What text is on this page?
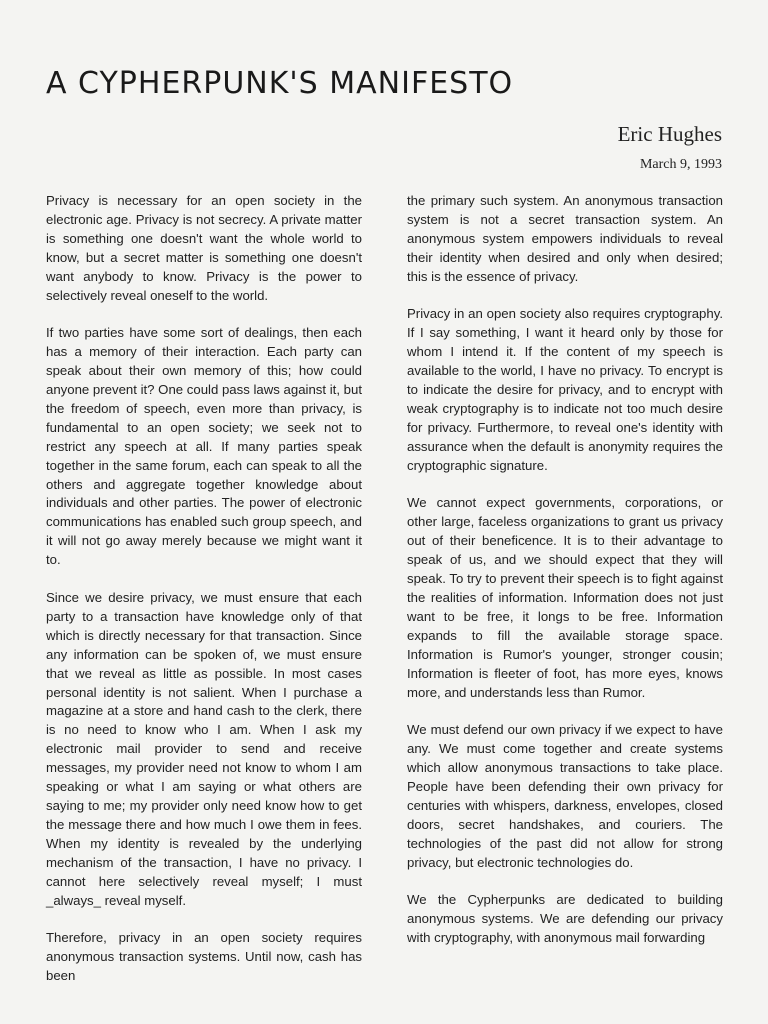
A CYPHERPUNK'S MANIFESTO
Eric Hughes
March 9, 1993

Privacy is necessary for an open society in the electronic age. Privacy is not secrecy. A private matter is something one doesn't want the whole world to know, but a secret matter is something one doesn't want anybody to know. Privacy is the power to selectively reveal oneself to the world.

If two parties have some sort of dealings, then each has a memory of their interaction. Each party can speak about their own memory of this; how could anyone prevent it? One could pass laws against it, but the freedom of speech, even more than privacy, is fundamental to an open society; we seek not to restrict any speech at all. If many parties speak together in the same forum, each can speak to all the others and aggregate together knowledge about individuals and other parties. The power of electronic communications has enabled such group speech, and it will not go away merely because we might want it to.

Since we desire privacy, we must ensure that each party to a transaction have knowledge only of that which is directly necessary for that transaction. Since any information can be spoken of, we must ensure that we reveal as little as possible. In most cases personal identity is not salient. When I purchase a magazine at a store and hand cash to the clerk, there is no need to know who I am. When I ask my electronic mail provider to send and receive messages, my provider need not know to whom I am speaking or what I am saying or what others are saying to me; my provider only need know how to get the message there and how much I owe them in fees. When my identity is revealed by the underlying mechanism of the transaction, I have no privacy. I cannot here selectively reveal myself; I must _always_ reveal myself.

Therefore, privacy in an open society requires anonymous transaction systems. Until now, cash has been

the primary such system. An anonymous transaction system is not a secret transaction system. An anonymous system empowers individuals to reveal their identity when desired and only when desired; this is the essence of privacy.

Privacy in an open society also requires cryptography. If I say something, I want it heard only by those for whom I intend it. If the content of my speech is available to the world, I have no privacy. To encrypt is to indicate the desire for privacy, and to encrypt with weak cryptography is to indicate not too much desire for privacy. Furthermore, to reveal one's identity with assurance when the default is anonymity requires the cryptographic signature.

We cannot expect governments, corporations, or other large, faceless organizations to grant us privacy out of their beneficence. It is to their advantage to speak of us, and we should expect that they will speak. To try to prevent their speech is to fight against the realities of information. Information does not just want to be free, it longs to be free. Information expands to fill the available storage space. Information is Rumor's younger, stronger cousin; Information is fleeter of foot, has more eyes, knows more, and understands less than Rumor.

We must defend our own privacy if we expect to have any. We must come together and create systems which allow anonymous transactions to take place. People have been defending their own privacy for centuries with whispers, darkness, envelopes, closed doors, secret handshakes, and couriers. The technologies of the past did not allow for strong privacy, but electronic technologies do.

We the Cypherpunks are dedicated to building anonymous systems. We are defending our privacy with cryptography, with anonymous mail forwarding
